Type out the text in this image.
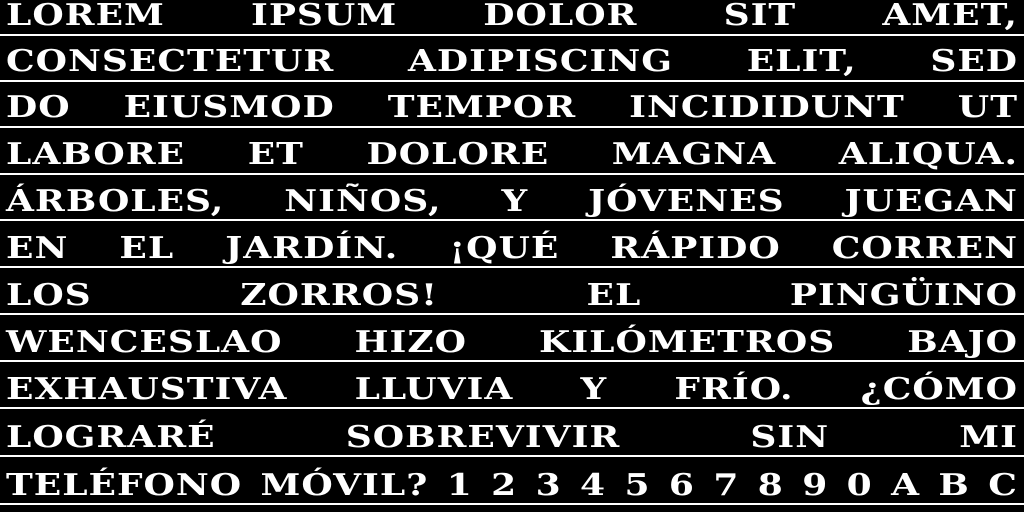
LOREM IPSUM DOLOR SIT AMET,
CONSECTETUR ADIPISCING ELIT, SED
DO EIUSMOD TEMPOR INCIDIDUNT UT
LABORE ET DOLORE MAGNA ALIQUA.
ÁRBOLES, NIÑOS, Y JÓVENES JUEGAN
EN EL JARDÍN. ¡QUÉ RÁPIDO CORREN
LOS	ZORROS!	EL	PINGÜINO
WENCESLAO HIZO KILÓMETROS BAJO
EXHAUSTIVA LLUVIA Y FRÍO. ¿CÓMO
LOGRARÉ	SOBREVIVIR	SIN	MI
TELÉFONO MÓVIL? 1 2 3 4 5 6 7 8 9 0 A B C
